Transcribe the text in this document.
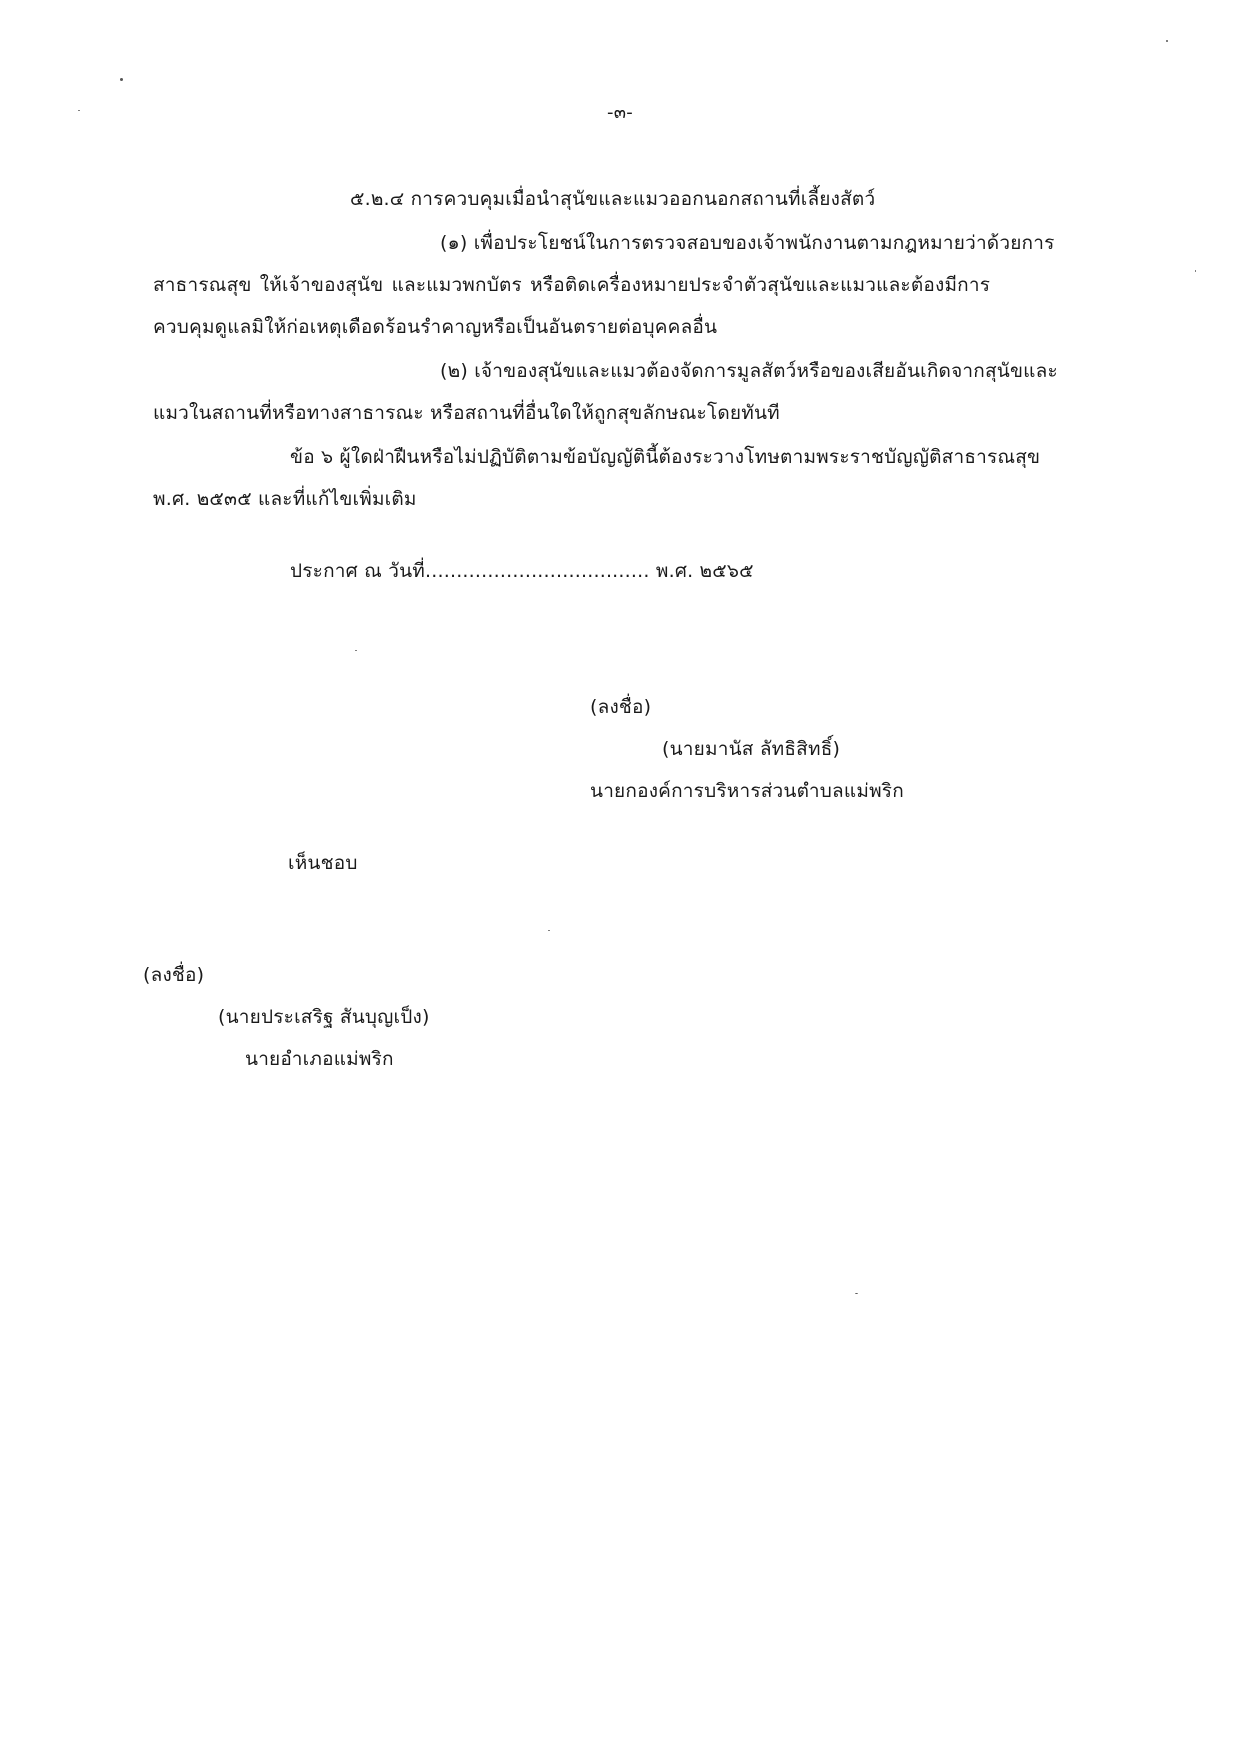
-๓-
๕.๒.๔ การควบคุมเมื่อนำสุนัขและแมวออกนอกสถานที่เลี้ยงสัตว์
(๑) เพื่อประโยชน์ในการตรวจสอบของเจ้าพนักงานตามกฎหมายว่าด้วยการ
สาธารณสุข ให้เจ้าของสุนัข และแมวพกบัตร หรือติดเครื่องหมายประจำตัวสุนัขและแมวและต้องมีการ
ควบคุมดูแลมิให้ก่อเหตุเดือดร้อนรำคาญหรือเป็นอันตรายต่อบุคคลอื่น
(๒) เจ้าของสุนัขและแมวต้องจัดการมูลสัตว์หรือของเสียอันเกิดจากสุนัขและ
แมวในสถานที่หรือทางสาธารณะ หรือสถานที่อื่นใดให้ถูกสุขลักษณะโดยทันที
ข้อ ๖ ผู้ใดฝ่าฝืนหรือไม่ปฏิบัติตามข้อบัญญัตินี้ต้องระวางโทษตามพระราชบัญญัติสาธารณสุข
พ.ศ. ๒๕๓๕ และที่แก้ไขเพิ่มเติม
ประกาศ ณ วันที่.................................... พ.ศ. ๒๕๖๕
(ลงชื่อ)
(นายมานัส ลัทธิสิทธิ์)
นายกองค์การบริหารส่วนตำบลแม่พริก
เห็นชอบ
(ลงชื่อ)
(นายประเสริฐ สันบุญเป็ง)
นายอำเภอแม่พริก
